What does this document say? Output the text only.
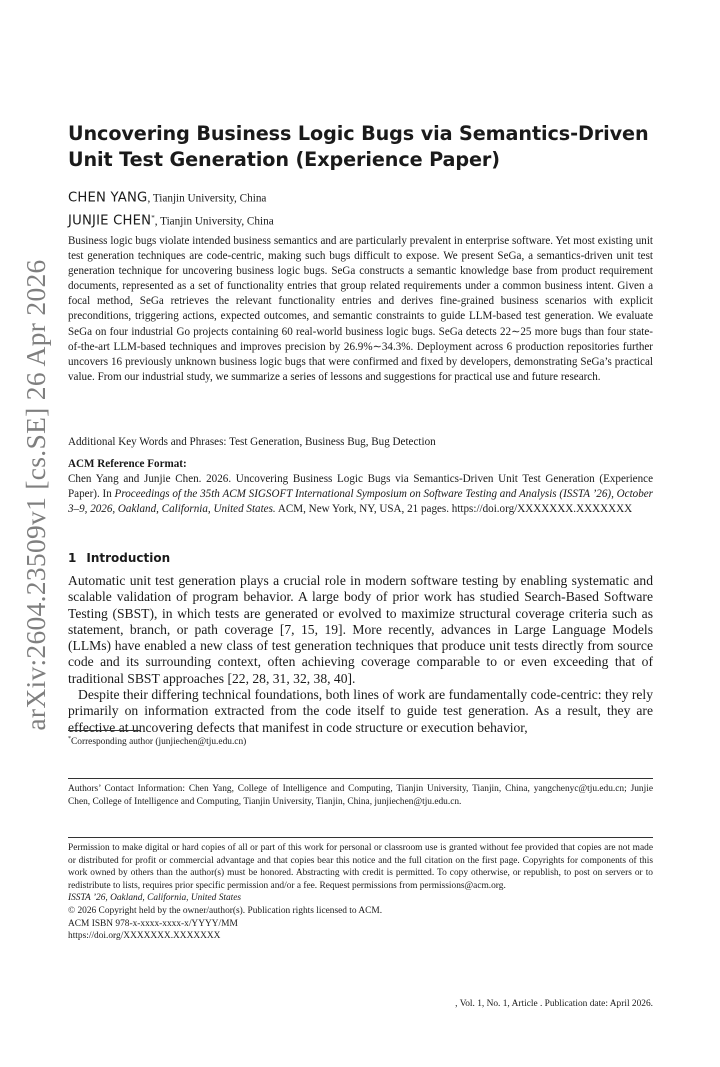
arXiv:2604.23509v1 [cs.SE] 26 Apr 2026
Uncovering Business Logic Bugs via Semantics-Driven Unit Test Generation (Experience Paper)
CHEN YANG, Tianjin University, China
JUNJIE CHEN*, Tianjin University, China

Business logic bugs violate intended business semantics and are particularly prevalent in enterprise software. Yet most existing unit test generation techniques are code-centric, making such bugs difficult to expose. We present SeGa, a semantics-driven unit test generation technique for uncovering business logic bugs. SeGa constructs a semantic knowledge base from product requirement documents, represented as a set of functionality entries that group related requirements under a common business intent. Given a focal method, SeGa retrieves the relevant functionality entries and derives fine-grained business scenarios with explicit preconditions, triggering actions, expected outcomes, and semantic constraints to guide LLM-based test generation. We evaluate SeGa on four industrial Go projects containing 60 real-world business logic bugs. SeGa detects 22∼25 more bugs than four state-of-the-art LLM-based techniques and improves precision by 26.9%∼34.3%. Deployment across 6 production repositories further uncovers 16 previously unknown business logic bugs that were confirmed and fixed by developers, demonstrating SeGa’s practical value. From our industrial study, we summarize a series of lessons and suggestions for practical use and future research.

Additional Key Words and Phrases: Test Generation, Business Bug, Bug Detection

ACM Reference Format:
Chen Yang and Junjie Chen. 2026. Uncovering Business Logic Bugs via Semantics-Driven Unit Test Generation (Experience Paper). In Proceedings of the 35th ACM SIGSOFT International Symposium on Software Testing and Analysis (ISSTA ’26), October 3–9, 2026, Oakland, California, United States. ACM, New York, NY, USA, 21 pages. https://doi.org/XXXXXXX.XXXXXXX
1 Introduction

Automatic unit test generation plays a crucial role in modern software testing by enabling systematic and scalable validation of program behavior. A large body of prior work has studied Search-Based Software Testing (SBST), in which tests are generated or evolved to maximize structural coverage criteria such as statement, branch, or path coverage [7, 15, 19]. More recently, advances in Large Language Models (LLMs) have enabled a new class of test generation techniques that produce unit tests directly from source code and its surrounding context, often achieving coverage comparable to or even exceeding that of traditional SBST approaches [22, 28, 31, 32, 38, 40].

Despite their differing technical foundations, both lines of work are fundamentally code-centric: they rely primarily on information extracted from the code itself to guide test generation. As a result, they are effective at uncovering defects that manifest in code structure or execution behavior,

*Corresponding author (junjiechen@tju.edu.cn)
Authors’ Contact Information: Chen Yang, College of Intelligence and Computing, Tianjin University, Tianjin, China, yangchenyc@tju.edu.cn; Junjie Chen, College of Intelligence and Computing, Tianjin University, Tianjin, China, junjiechen@tju.edu.cn.

Permission to make digital or hard copies of all or part of this work for personal or classroom use is granted without fee provided that copies are not made or distributed for profit or commercial advantage and that copies bear this notice and the full citation on the first page. Copyrights for components of this work owned by others than the author(s) must be honored. Abstracting with credit is permitted. To copy otherwise, or republish, to post on servers or to redistribute to lists, requires prior specific permission and/or a fee. Request permissions from permissions@acm.org.

ISSTA ’26, Oakland, California, United States

© 2026 Copyright held by the owner/author(s). Publication rights licensed to ACM.

ACM ISBN 978-x-xxxx-xxxx-x/YYYY/MM

https://doi.org/XXXXXXX.XXXXXXX

, Vol. 1, No. 1, Article . Publication date: April 2026.
